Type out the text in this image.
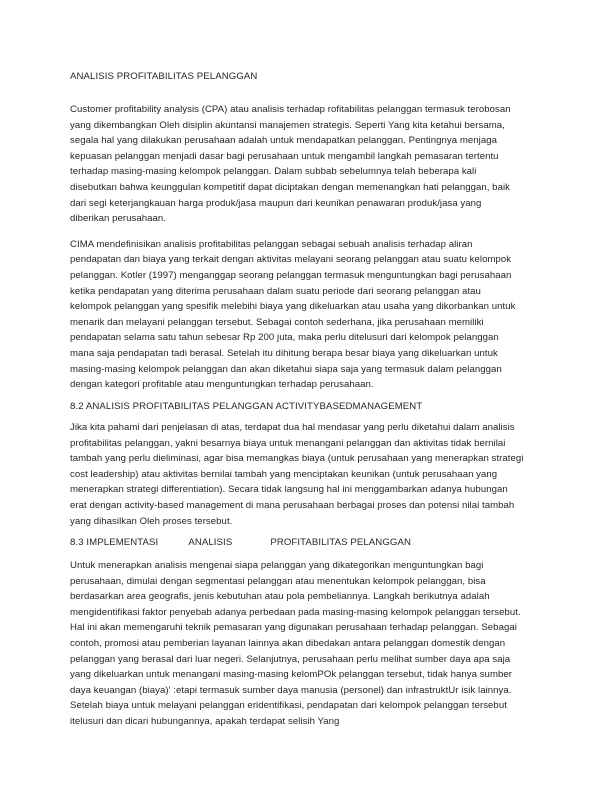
ANALISIS PROFITABILITAS PELANGGAN

Customer profitability analysis (CPA) atau analisis terhadap rofitabilitas pelanggan termasuk terobosan
yang dikembangkan Oleh disiplin akuntansi manajemen strategis. Seperti Yang kita ketahui bersama,
segala hal yang dilakukan perusahaan adalah untuk mendapatkan pelanggan. Pentingnya menjaga
kepuasan pelanggan menjadi dasar bagi perusahaan untuk mengambil langkah pemasaran tertentu
terhadap masing-masing kelompok pelanggan. Dalam subbab sebelumnya telah beberapa kali
disebutkan bahwa keunggulan kompetitif dapat diciptakan dengan memenangkan hati pelanggan, baik
dari segi keterjangkauan harga produk/jasa maupun dari keunikan penawaran produk/jasa yang
diberikan perusahaan.

CIMA mendefinisikan analisis profitabilitas pelanggan sebagai sebuah analisis terhadap aliran
pendapatan dan biaya yang terkait dengan aktivitas melayani seorang pelanggan atau suatu kelompok
pelanggan. Kotler (1997) menganggap seorang pelanggan termasuk menguntungkan bagi perusahaan
ketika pendapatan yang diterima perusahaan dalam suatu periode dari seorang pelanggan atau
kelompok pelanggan yang spesifik melebihi biaya yang dikeluarkan atau usaha yang dikorbankan untuk
menarik dan melayani pelanggan tersebut. Sebagai contoh sederhana, jika perusahaan memiliki
pendapatan selama satu tahun sebesar Rp 200 juta, maka perlu ditelusuri dari kelompok pelanggan
mana saja pendapatan tadi berasal. Setelah itu dihitung berapa besar biaya yang dikeluarkan untuk
masing-masing kelompok pelanggan dan akan diketahui siapa saja yang termasuk dalam pelanggan
dengan kategori profitable atau menguntungkan terhadap perusahaan.

8.2 ANALISIS PROFITABILITAS PELANGGAN ACTIVITYBASEDMANAGEMENT

Jika kita pahami dari penjelasan di atas, terdapat dua hal mendasar yang perlu diketahui dalam analisis
profitabilitas pelanggan, yakni besarnya biaya untuk menangani pelanggan dan aktivitas tidak bernilai
tambah yang perlu dieliminasi, agar bisa memangkas biaya (untuk perusahaan yang menerapkan strategi
cost leadership) atau aktivitas bernilai tambah yang menciptakan keunikan (untuk perusahaan yang
menerapkan strategi differentiation). Secara tidak langsung hal ini menggambarkan adanya hubungan
erat dengan activity-based management di mana perusahaan berbagai proses dan potensi nilai tambah
yang dihasilkan Oleh proses tersebut.

8.3 IMPLEMENTASI	ANALISIS	PROFITABILITAS PELANGGAN

Untuk menerapkan analisis mengenai siapa pelanggan yang dikategorikan menguntungkan bagi
perusahaan, dimulai dengan segmentasi pelanggan atau menentukan kelompok pelanggan, bisa
berdasarkan area geografis, jenis kebutuhan atau pola pembeliannya. Langkah berikutnya adalah
mengidentifikasi faktor penyebab adanya perbedaan pada masing-masing kelompok pelanggan tersebut.
Hal ini akan memengaruhi teknik pemasaran yang digunakan perusahaan terhadap pelanggan. Sebagai
contoh, promosi atau pemberian layanan lainnya akan dibedakan antara pelanggan domestik dengan
pelanggan yang berasal dari luar negeri. Selanjutnya, perusahaan perlu melihat sumber daya apa saja
yang dikeluarkan untuk menangani masing-masing kelomPOk pelanggan tersebut, tidak hanya sumber
daya keuangan (biaya)' :etapi termasuk sumber daya manusia (personel) dan infrastruktUr isik lainnya.
Setelah biaya untuk melayani pelanggan eridentifikasi, pendapatan dari kelompok pelanggan tersebut
itelusuri dan dicari hubungannya, apakah terdapat selisih Yang
